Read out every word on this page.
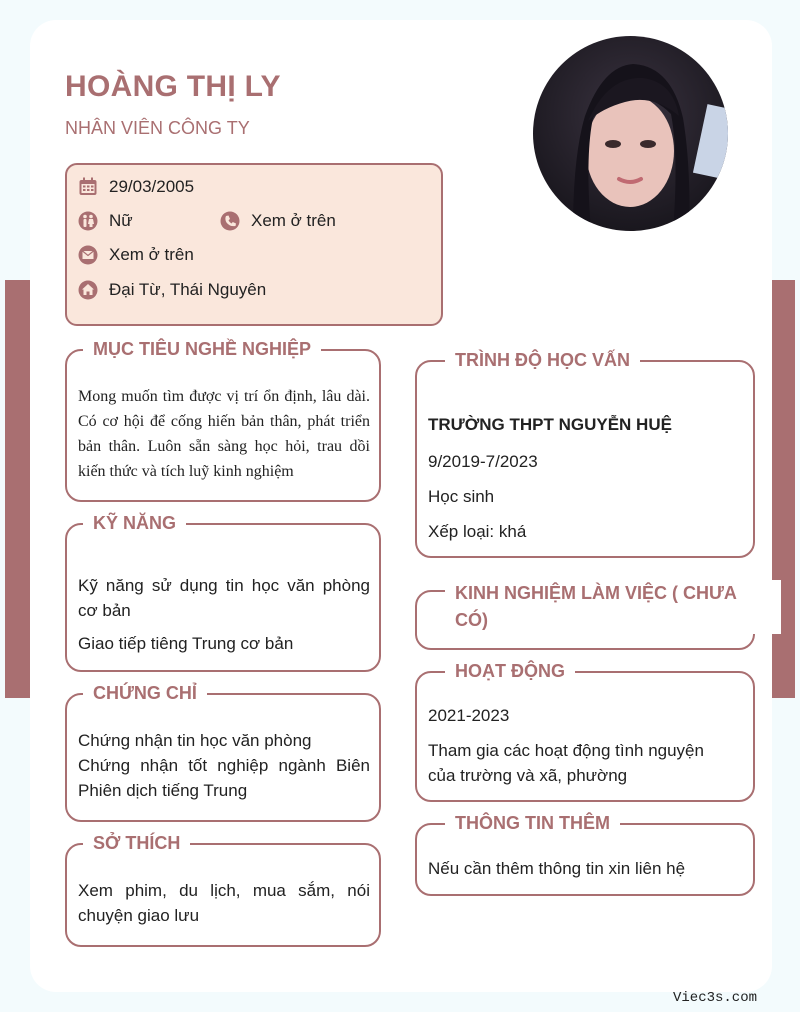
HOÀNG THỊ LY
NHÂN VIÊN CÔNG TY
29/03/2005
Nữ	Xem ở trên
Xem ở trên
Đại Từ, Thái Nguyên
MỤC TIÊU NGHỀ NGHIỆP
Mong muốn tìm được vị trí ổn định, lâu dài. Có cơ hội để cống hiến bản thân, phát triển bản thân. Luôn sẵn sàng học hỏi, trau dồi kiến thức và tích luỹ kinh nghiệm
KỸ NĂNG
Kỹ năng sử dụng tin học văn phòng cơ bản
Giao tiếp tiêng Trung cơ bản
CHỨNG CHỈ
Chứng nhận tin học văn phòng
Chứng nhận tốt nghiệp ngành Biên Phiên dịch tiếng Trung
SỞ THÍCH
Xem phim, du lịch, mua sắm, nói chuyện giao lưu
TRÌNH ĐỘ HỌC VẤN
TRƯỜNG THPT NGUYỄN HUỆ
9/2019-7/2023
Học sinh
Xếp loại: khá
KINH NGHIỆM LÀM VIỆC ( CHƯA CÓ)
HOẠT ĐỘNG
2021-2023
Tham gia các hoạt động tình nguyện của trường và xã, phường
THÔNG TIN THÊM
Nếu cần thêm thông tin xin liên hệ
Viec3s.com
